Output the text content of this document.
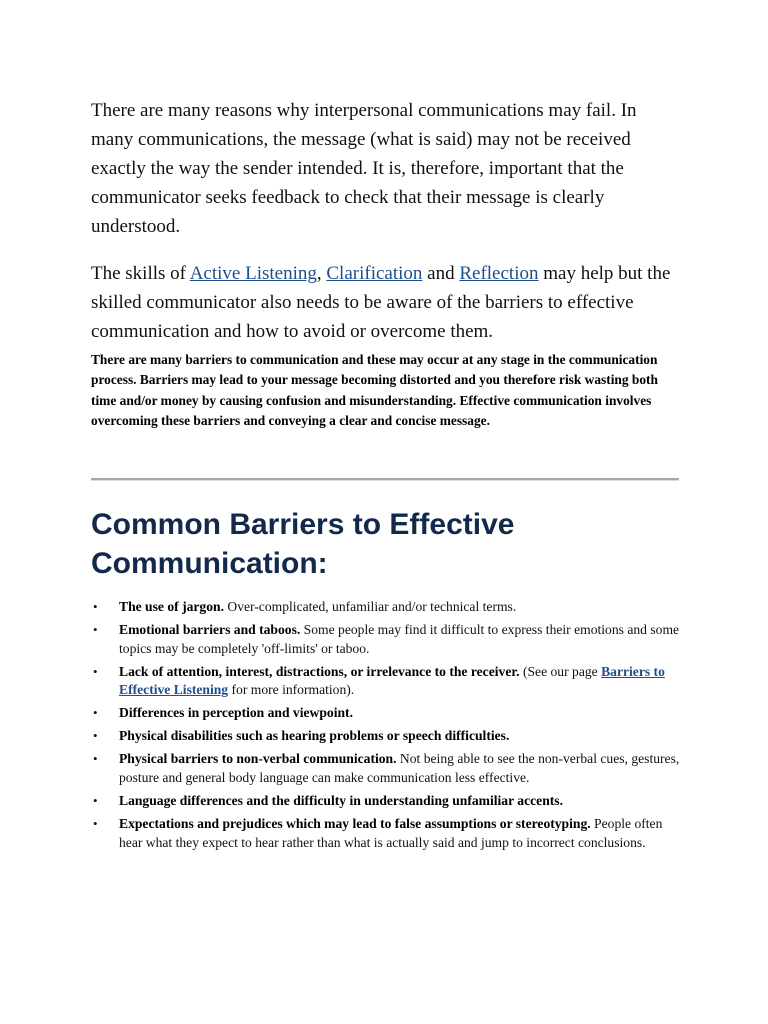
There are many reasons why interpersonal communications may fail. In many communications, the message (what is said) may not be received exactly the way the sender intended. It is, therefore, important that the communicator seeks feedback to check that their message is clearly understood.

The skills of Active Listening, Clarification and Reflection may help but the skilled communicator also needs to be aware of the barriers to effective communication and how to avoid or overcome them.

There are many barriers to communication and these may occur at any stage in the communication process. Barriers may lead to your message becoming distorted and you therefore risk wasting both time and/or money by causing confusion and misunderstanding. Effective communication involves overcoming these barriers and conveying a clear and concise message.

Common Barriers to Effective Communication:
• The use of jargon. Over-complicated, unfamiliar and/or technical terms.
• Emotional barriers and taboos. Some people may find it difficult to express their emotions and some topics may be completely 'off-limits' or taboo.
• Lack of attention, interest, distractions, or irrelevance to the receiver. (See our page Barriers to Effective Listening for more information).
• Differences in perception and viewpoint.
• Physical disabilities such as hearing problems or speech difficulties.
• Physical barriers to non-verbal communication. Not being able to see the non-verbal cues, gestures, posture and general body language can make communication less effective.
• Language differences and the difficulty in understanding unfamiliar accents.
• Expectations and prejudices which may lead to false assumptions or stereotyping. People often hear what they expect to hear rather than what is actually said and jump to incorrect conclusions.
